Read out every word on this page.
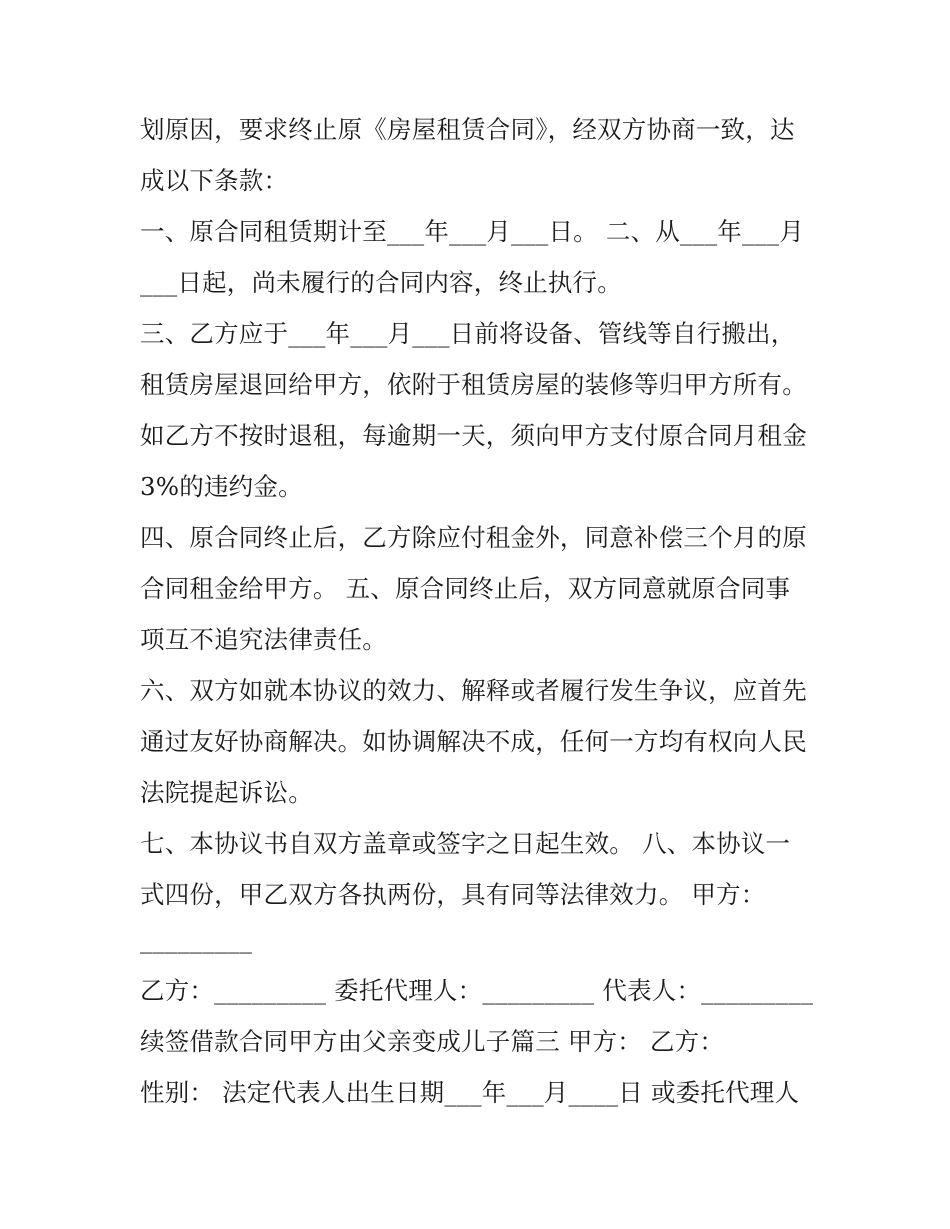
划原因，要求终止原《房屋租赁合同》，经双方协商一致，达
成以下条款：
一、原合同租赁期计至___年___月___日。 二、从___年___月
___日起，尚未履行的合同内容，终止执行。
三、乙方应于___年___月___日前将设备、管线等自行搬出，
租赁房屋退回给甲方，依附于租赁房屋的装修等归甲方所有。
如乙方不按时退租，每逾期一天，须向甲方支付原合同月租金
3%的违约金。
四、原合同终止后，乙方除应付租金外，同意补偿三个月的原
合同租金给甲方。 五、原合同终止后，双方同意就原合同事
项互不追究法律责任。
六、双方如就本协议的效力、解释或者履行发生争议，应首先
通过友好协商解决。如协调解决不成，任何一方均有权向人民
法院提起诉讼。
七、本协议书自双方盖章或签字之日起生效。 八、本协议一
式四份，甲乙双方各执两份，具有同等法律效力。 甲方：
_________
乙方：_________ 委托代理人：_________ 代表人：_________
续签借款合同甲方由父亲变成儿子篇三 甲方： 乙方：
性别： 法定代表人出生日期___年___月____日 或委托代理人
